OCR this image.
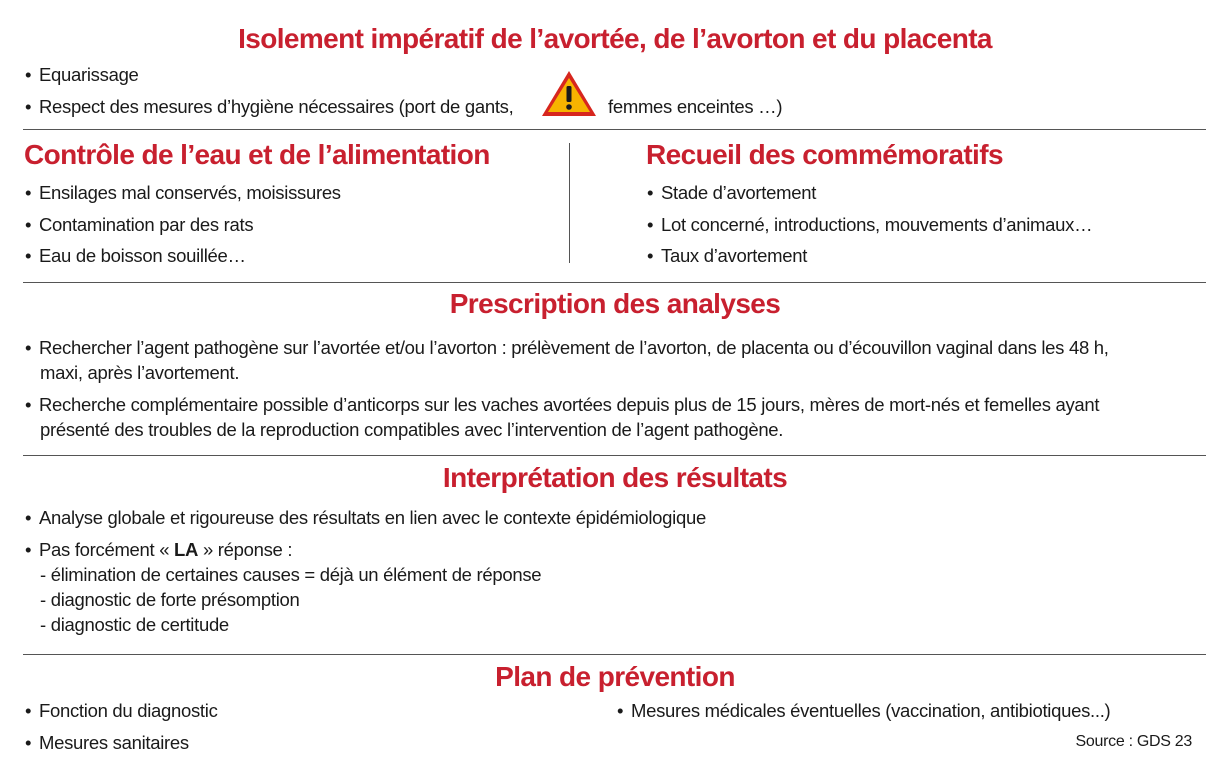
Isolement impératif de l’avortée, de l’avorton et du placenta
• Equarissage
• Respect des mesures d’hygiène nécessaires (port de gants,	femmes enceintes …)
Contrôle de l’eau et de l’alimentation
• Ensilages mal conservés, moisissures
• Contamination par des rats
• Eau de boisson souillée…
Recueil des commémoratifs
• Stade d’avortement
• Lot concerné, introductions, mouvements d’animaux…
• Taux d’avortement
Prescription des analyses
• Rechercher l’agent pathogène sur l’avortée et/ou l’avorton : prélèvement de l’avorton, de placenta ou d’écouvillon vaginal dans les 48 h,
maxi, après l’avortement.
• Recherche complémentaire possible d’anticorps sur les vaches avortées depuis plus de 15 jours, mères de mort-nés et femelles ayant
présenté des troubles de la reproduction compatibles avec l’intervention de l’agent pathogène.
Interprétation des résultats
• Analyse globale et rigoureuse des résultats en lien avec le contexte épidémiologique
• Pas forcément « LA » réponse :
- élimination de certaines causes = déjà un élément de réponse
- diagnostic de forte présomption
- diagnostic de certitude
Plan de prévention
• Fonction du diagnostic
• Mesures sanitaires
• Mesures médicales éventuelles (vaccination, antibiotiques...)
Source : GDS 23
